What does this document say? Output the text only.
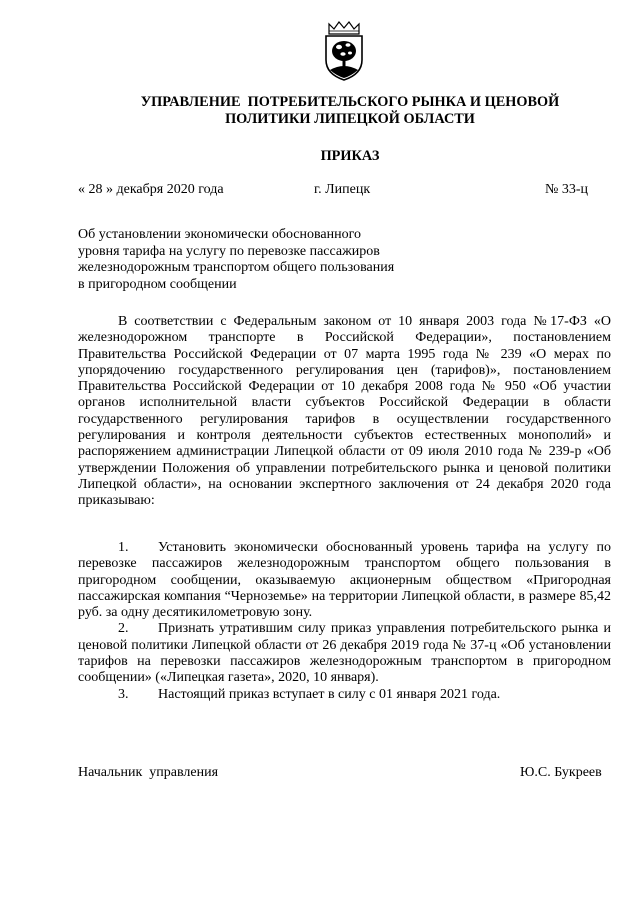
УПРАВЛЕНИЕ  ПОТРЕБИТЕЛЬСКОГО РЫНКА И ЦЕНОВОЙ
ПОЛИТИКИ ЛИПЕЦКОЙ ОБЛАСТИ
ПРИКАЗ
« 28 » декабря 2020 года	г. Липецк	№ 33-ц
Об установлении экономически обоснованного
уровня тарифа на услугу по перевозке пассажиров
железнодорожным транспортом общего пользования
в пригородном сообщении

В соответствии с Федеральным законом от 10 января 2003 года №17-ФЗ «О железнодорожном транспорте в Российской Федерации», постановлением Правительства Российской Федерации от 07 марта 1995 года № 239 «О мерах по упорядочению государственного регулирования цен (тарифов)», постановлением Правительства Российской Федерации от 10 декабря 2008 года № 950 «Об участии органов исполнительной власти субъектов Российской Федерации в области государственного регулирования тарифов в осуществлении государственного регулирования и контроля деятельности субъектов естественных монополий» и распоряжением администрации Липецкой области от 09 июля 2010 года № 239-р «Об утверждении Положения об управлении потребительского рынка и ценовой политики Липецкой области», на основании экспертного заключения от 24 декабря 2020 года приказываю:

1. Установить экономически обоснованный уровень тарифа на услугу по перевозке пассажиров железнодорожным транспортом общего пользования в пригородном сообщении, оказываемую акционерным обществом «Пригородная пассажирская компания “Черноземье» на территории Липецкой области, в размере 85,42 руб. за одну десятикилометровую зону.

2. Признать утратившим силу приказ управления потребительского рынка и ценовой политики Липецкой области от 26 декабря 2019 года № 37-ц «Об установлении тарифов на перевозки пассажиров железнодорожным транспортом в пригородном сообщении» («Липецкая газета», 2020, 10 января).

3. Настоящий приказ вступает в силу с 01 января 2021 года.

Начальник  управления	Ю.С. Букреев
